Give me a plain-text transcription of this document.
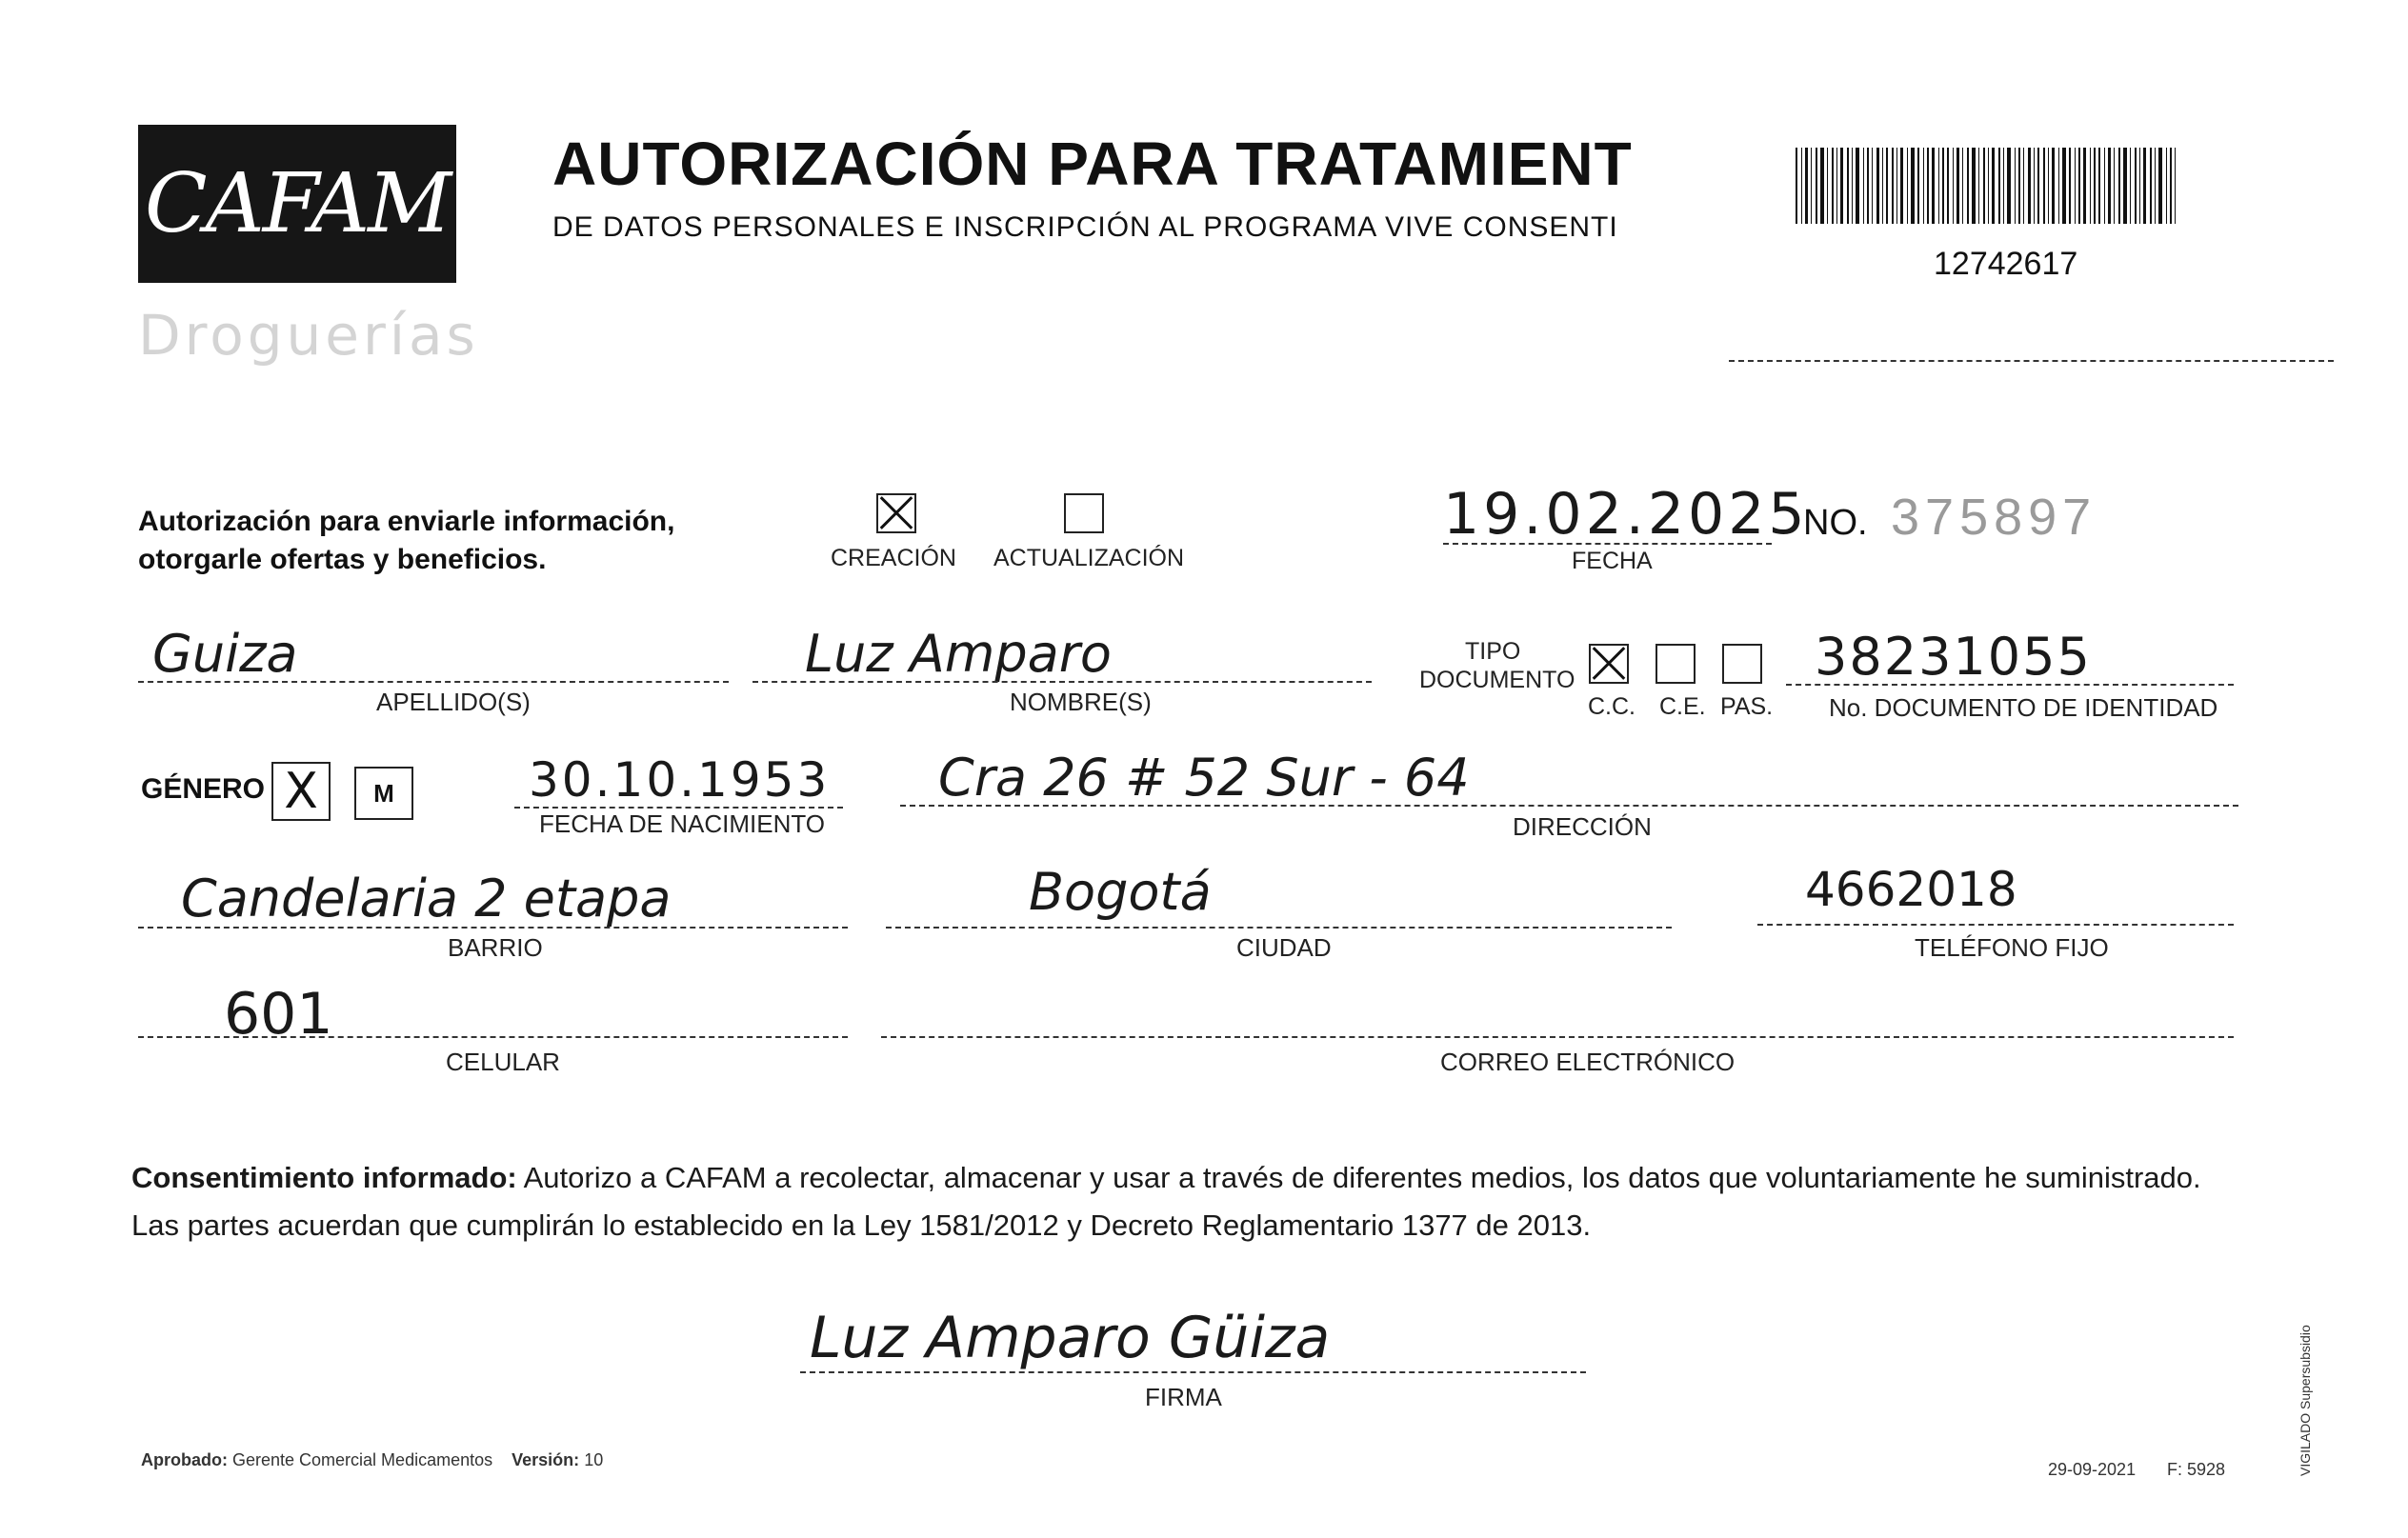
CAFAM
Droguerías
AUTORIZACIÓN PARA TRATAMIENT
DE DATOS PERSONALES E INSCRIPCIÓN AL PROGRAMA VIVE CONSENTI
12742617
Autorización para enviarle información,
otorgarle ofertas y beneficios.	CREACIÓN ACTUALIZACIÓN
19.02.2025
FECHA
NO. 375897
Guiza
APELLIDO(S)
Luz Amparo
NOMBRE(S)
TIPO
DOCUMENTO
C.C. C.E. PAS.
38231055
No. DOCUMENTO DE IDENTIDAD
GÉNERO X	M	30.10.1953
FECHA DE NACIMIENTO
Cra 26 # 52 Sur - 64
DIRECCIÓN
Candelaria 2 etapa
BARRIO
Bogotá
CIUDAD
4662018
TELÉFONO FIJO
601
CELULAR	CORREO ELECTRÓNICO
Consentimiento informado: Autorizo a CAFAM a recolectar, almacenar y usar a través de diferentes medios, los datos que voluntariamente he suministrado.
Las partes acuerdan que cumplirán lo establecido en la Ley 1581/2012 y Decreto Reglamentario 1377 de 2013.
Luz Amparo Güiza
FIRMA
Aprobado: Gerente Comercial Medicamentos Versión: 10	29-09-2021 F: 5928	VIGILADO Supersubsidio
